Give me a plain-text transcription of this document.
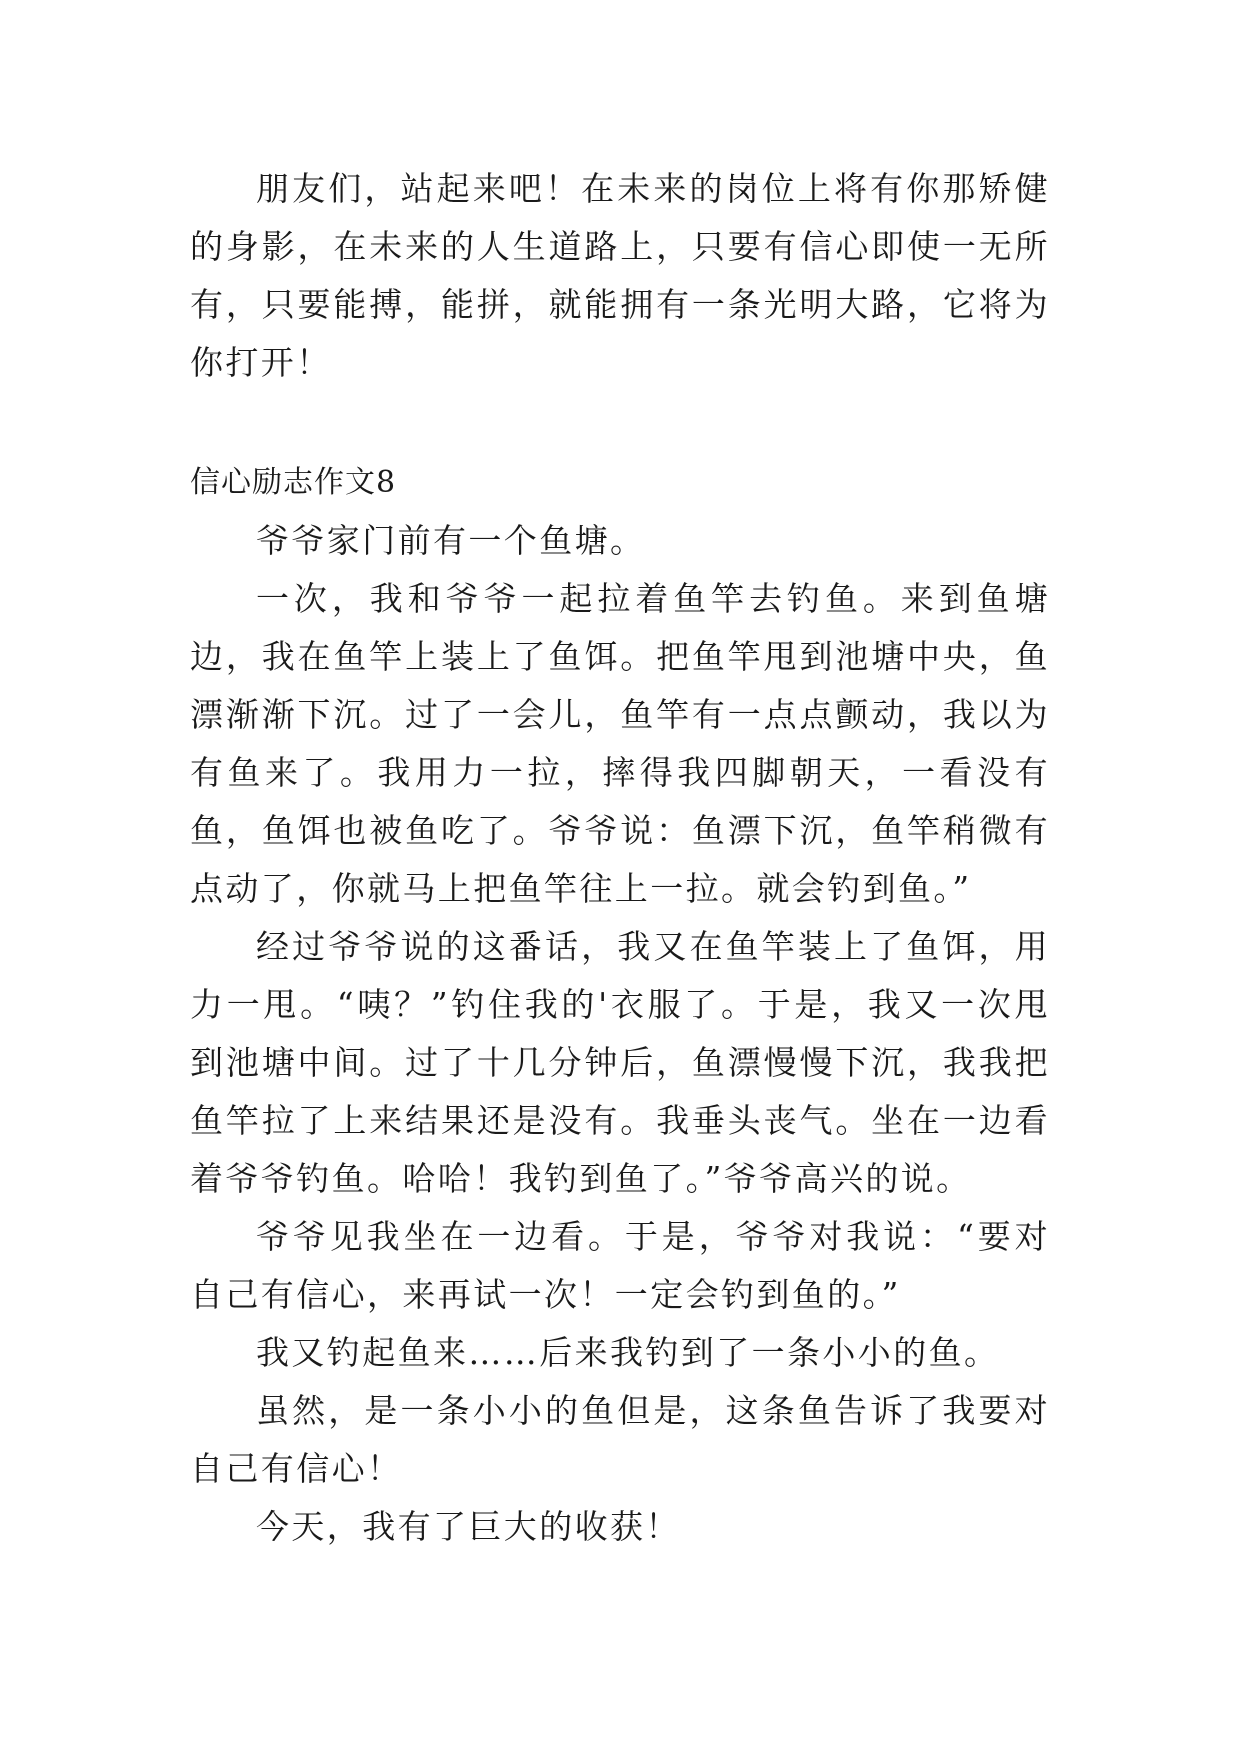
朋友们，站起来吧！在未来的岗位上将有你那矫健的身影，在未来的人生道路上，只要有信心即使一无所有，只要能搏，能拼，就能拥有一条光明大路，它将为你打开！

信心励志作文8

爷爷家门前有一个鱼塘。

一次，我和爷爷一起拉着鱼竿去钓鱼。来到鱼塘边，我在鱼竿上装上了鱼饵。把鱼竿甩到池塘中央，鱼漂渐渐下沉。过了一会儿，鱼竿有一点点颤动，我以为有鱼来了。我用力一拉，摔得我四脚朝天，一看没有鱼，鱼饵也被鱼吃了。爷爷说：鱼漂下沉，鱼竿稍微有点动了，你就马上把鱼竿往上一拉。就会钓到鱼。”

经过爷爷说的这番话，我又在鱼竿装上了鱼饵，用力一甩。“咦？”钓住我的'衣服了。于是，我又一次甩到池塘中间。过了十几分钟后，鱼漂慢慢下沉，我我把鱼竿拉了上来结果还是没有。我垂头丧气。坐在一边看着爷爷钓鱼。哈哈！我钓到鱼了。”爷爷高兴的说。

爷爷见我坐在一边看。于是，爷爷对我说：“要对自己有信心，来再试一次！一定会钓到鱼的。”

我又钓起鱼来……后来我钓到了一条小小的鱼。

虽然，是一条小小的鱼但是，这条鱼告诉了我要对自己有信心！

今天，我有了巨大的收获！
